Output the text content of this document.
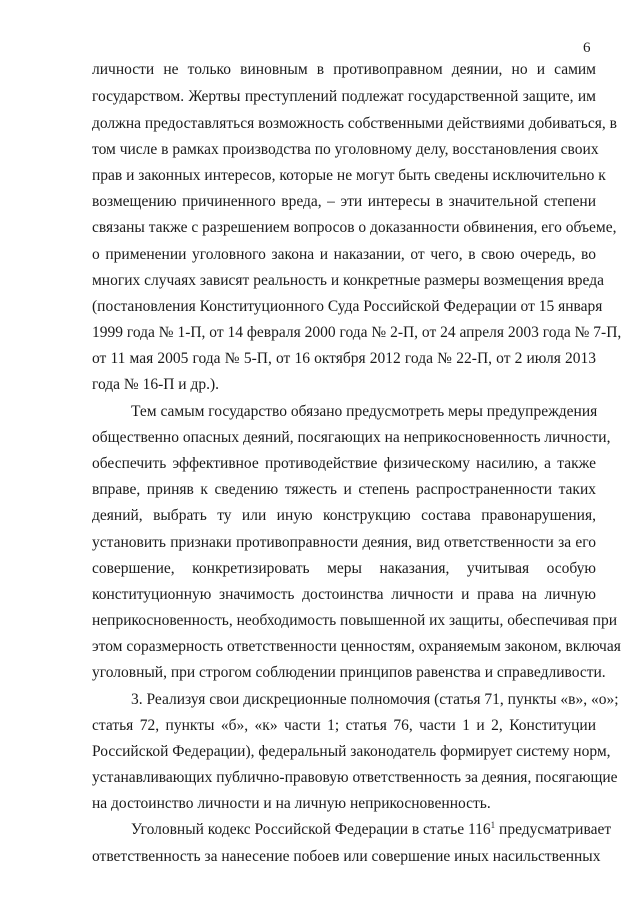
6
личности не только виновным в противоправном деянии, но и самим
государством. Жертвы преступлений подлежат государственной защите, им
должна предоставляться возможность собственными действиями добиваться, в
том числе в рамках производства по уголовному делу, восстановления своих
прав и законных интересов, которые не могут быть сведены исключительно к
возмещению причиненного вреда, – эти интересы в значительной степени
связаны также с разрешением вопросов о доказанности обвинения, его объеме,
о применении уголовного закона и наказании, от чего, в свою очередь, во
многих случаях зависят реальность и конкретные размеры возмещения вреда
(постановления Конституционного Суда Российской Федерации от 15 января
1999 года № 1-П, от 14 февраля 2000 года № 2-П, от 24 апреля 2003 года № 7-П,
от 11 мая 2005 года № 5-П, от 16 октября 2012 года № 22-П, от 2 июля 2013
года № 16-П и др.).
Тем самым государство обязано предусмотреть меры предупреждения
общественно опасных деяний, посягающих на неприкосновенность личности,
обеспечить эффективное противодействие физическому насилию, а также
вправе, приняв к сведению тяжесть и степень распространенности таких
деяний, выбрать ту или иную конструкцию состава правонарушения,
установить признаки противоправности деяния, вид ответственности за его
совершение, конкретизировать меры наказания, учитывая особую
конституционную значимость достоинства личности и права на личную
неприкосновенность, необходимость повышенной их защиты, обеспечивая при
этом соразмерность ответственности ценностям, охраняемым законом, включая
уголовный, при строгом соблюдении принципов равенства и справедливости.
3. Реализуя свои дискреционные полномочия (статья 71, пункты «в», «о»;
статья 72, пункты «б», «к» части 1; статья 76, части 1 и 2, Конституции
Российской Федерации), федеральный законодатель формирует систему норм,
устанавливающих публично-правовую ответственность за деяния, посягающие
на достоинство личности и на личную неприкосновенность.
Уголовный кодекс Российской Федерации в статье $116^1$ предусматривает
ответственность за нанесение побоев или совершение иных насильственных
